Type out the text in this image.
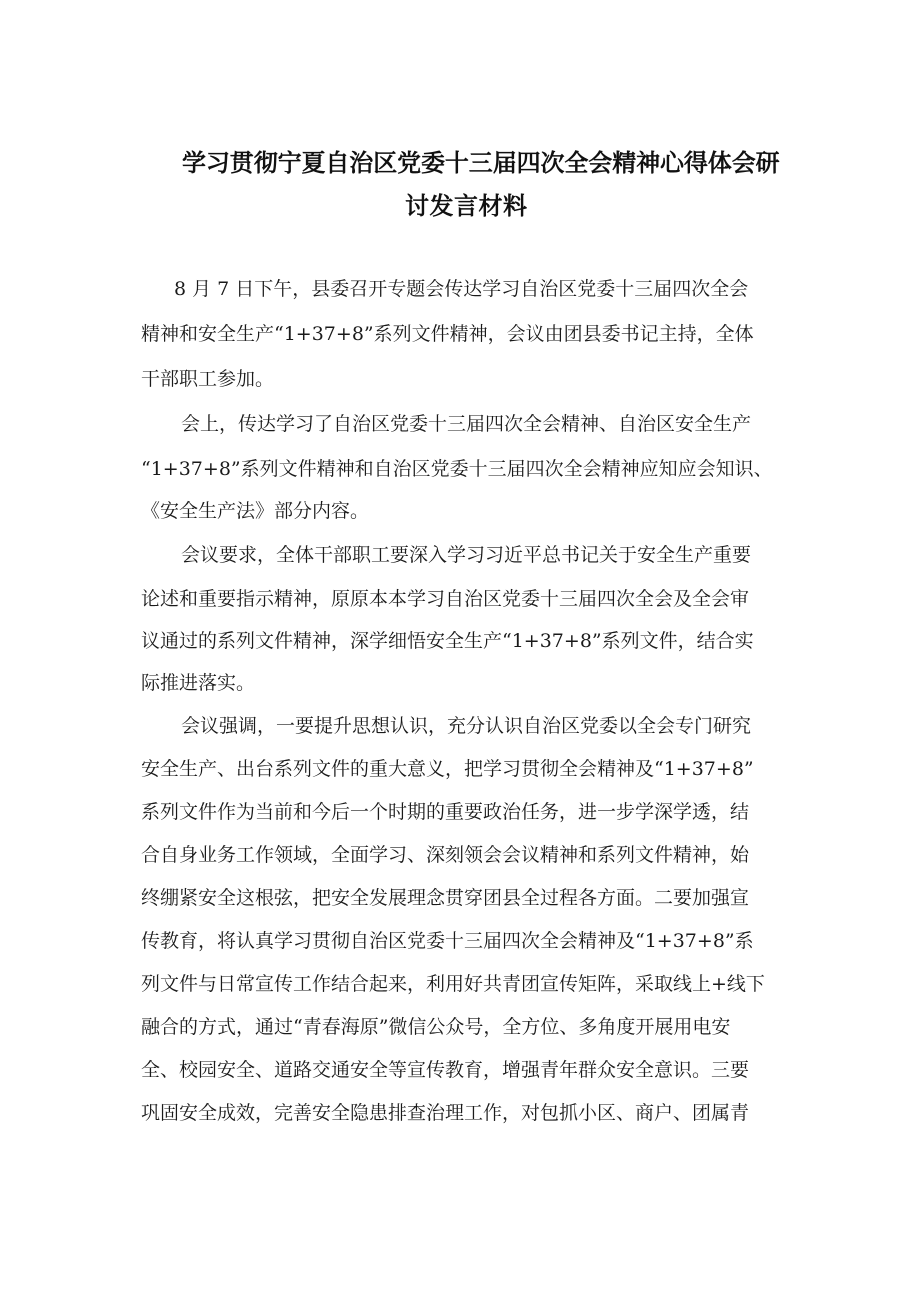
学习贯彻宁夏自治区党委十三届四次全会精神心得体会研
讨发言材料
8 月 7 日下午，县委召开专题会传达学习自治区党委十三届四次全会
精神和安全生产“1+37+8”系列文件精神，会议由团县委书记主持，全体
干部职工参加。
会上，传达学习了自治区党委十三届四次全会精神、自治区安全生产
“1+37+8”系列文件精神和自治区党委十三届四次全会精神应知应会知识、
《安全生产法》部分内容。
会议要求，全体干部职工要深入学习习近平总书记关于安全生产重要
论述和重要指示精神，原原本本学习自治区党委十三届四次全会及全会审
议通过的系列文件精神，深学细悟安全生产“1+37+8”系列文件，结合实
际推进落实。
会议强调，一要提升思想认识，充分认识自治区党委以全会专门研究
安全生产、出台系列文件的重大意义，把学习贯彻全会精神及“1+37+8”
系列文件作为当前和今后一个时期的重要政治任务，进一步学深学透，结
合自身业务工作领域，全面学习、深刻领会会议精神和系列文件精神，始
终绷紧安全这根弦，把安全发展理念贯穿团县全过程各方面。二要加强宣
传教育，将认真学习贯彻自治区党委十三届四次全会精神及“1+37+8”系
列文件与日常宣传工作结合起来，利用好共青团宣传矩阵，采取线上+线下
融合的方式，通过“青春海原”微信公众号，全方位、多角度开展用电安
全、校园安全、道路交通安全等宣传教育，增强青年群众安全意识。三要
巩固安全成效，完善安全隐患排查治理工作，对包抓小区、商户、团属青
